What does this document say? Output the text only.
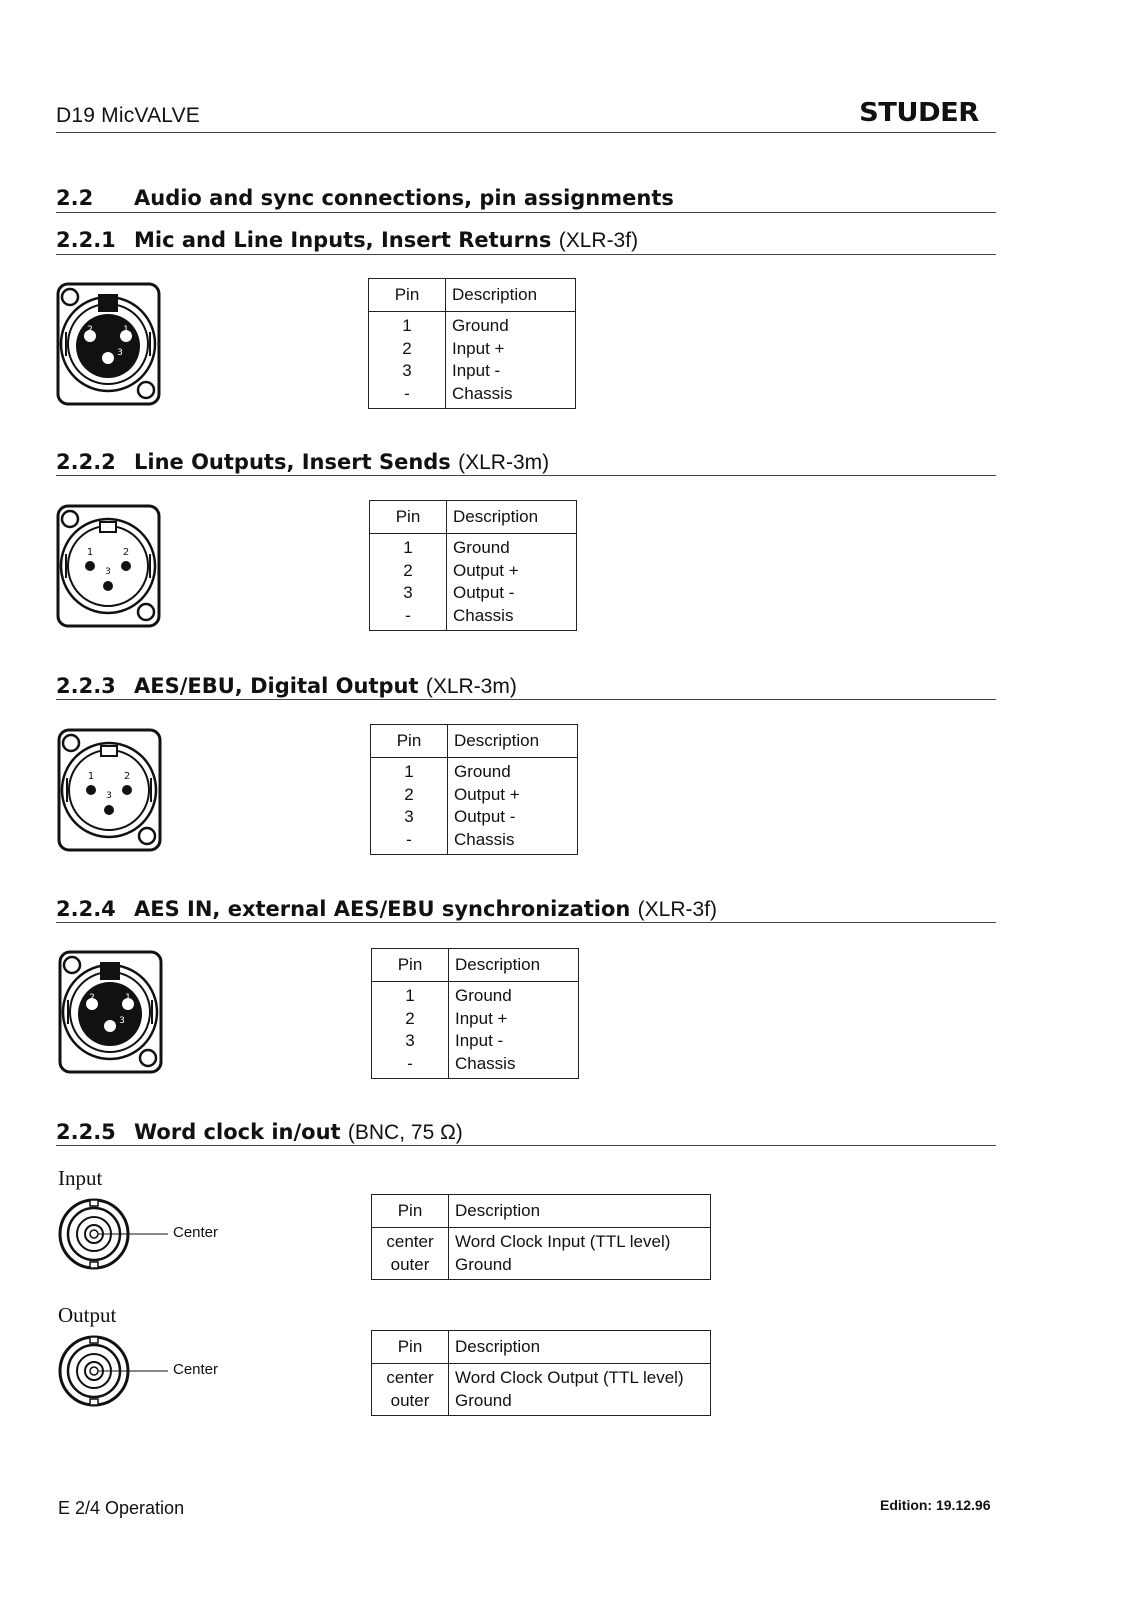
D19 MicVALVE	STUDER
2.2 Audio and sync connections, pin assignments
2.2.1 Mic and Line Inputs, Insert Returns (XLR-3f)
Pin	Description
1	Ground
2	Input +
3	Input -
-	Chassis
2.2.2 Line Outputs, Insert Sends (XLR-3m)
Pin	Description
1	Ground
2	Output +
3	Output -
-	Chassis
2.2.3 AES/EBU, Digital Output (XLR-3m)
Pin	Description
1	Ground
2	Output +
3	Output -
-	Chassis
2.2.4 AES IN, external AES/EBU synchronization (XLR-3f)
Pin	Description
1	Ground
2	Input +
3	Input -
-	Chassis
2.2.5 Word clock in/out (BNC, 75 Ω)
Input
Center
Pin	Description
center	Word Clock Input (TTL level)
outer	Ground
Output
Center
Pin	Description
center	Word Clock Output (TTL level)
outer	Ground
E 2/4 Operation	Edition: 19.12.96
